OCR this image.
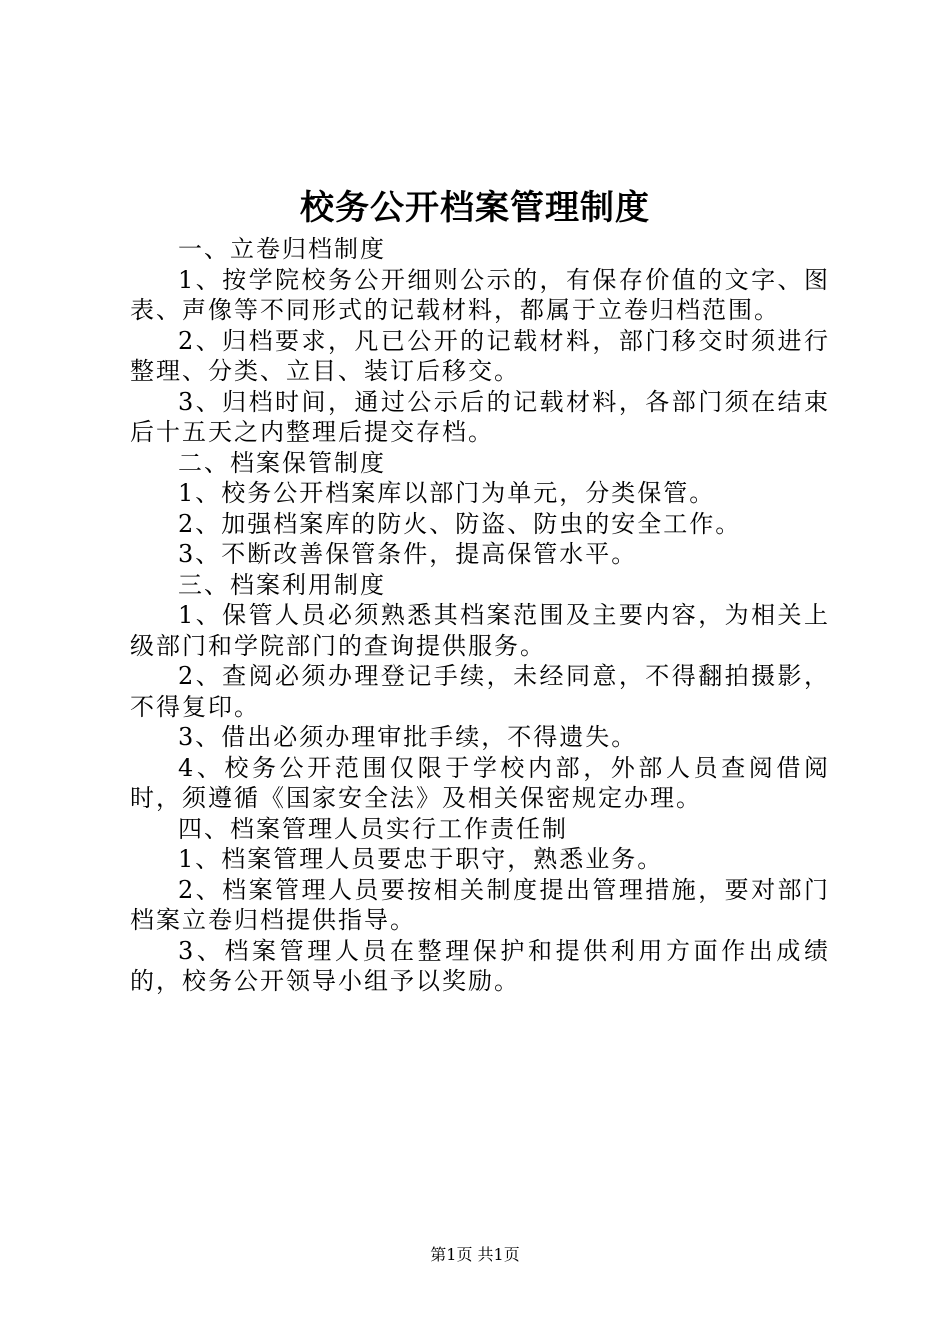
校务公开档案管理制度

一、立卷归档制度

1、按学院校务公开细则公示的，有保存价值的文字、图表、声像等不同形式的记载材料，都属于立卷归档范围。

2、归档要求，凡已公开的记载材料，部门移交时须进行整理、分类、立目、装订后移交。

3、归档时间，通过公示后的记载材料，各部门须在结束后十五天之内整理后提交存档。

二、档案保管制度

1、校务公开档案库以部门为单元，分类保管。

2、加强档案库的防火、防盗、防虫的安全工作。

3、不断改善保管条件，提高保管水平。

三、档案利用制度

1、保管人员必须熟悉其档案范围及主要内容，为相关上级部门和学院部门的查询提供服务。

2、查阅必须办理登记手续，未经同意，不得翻拍摄影，不得复印。

3、借出必须办理审批手续，不得遗失。

4、校务公开范围仅限于学校内部，外部人员查阅借阅时，须遵循《国家安全法》及相关保密规定办理。

四、档案管理人员实行工作责任制

1、档案管理人员要忠于职守，熟悉业务。

2、档案管理人员要按相关制度提出管理措施，要对部门档案立卷归档提供指导。

3、档案管理人员在整理保护和提供利用方面作出成绩的，校务公开领导小组予以奖励。

第1页 共1页
